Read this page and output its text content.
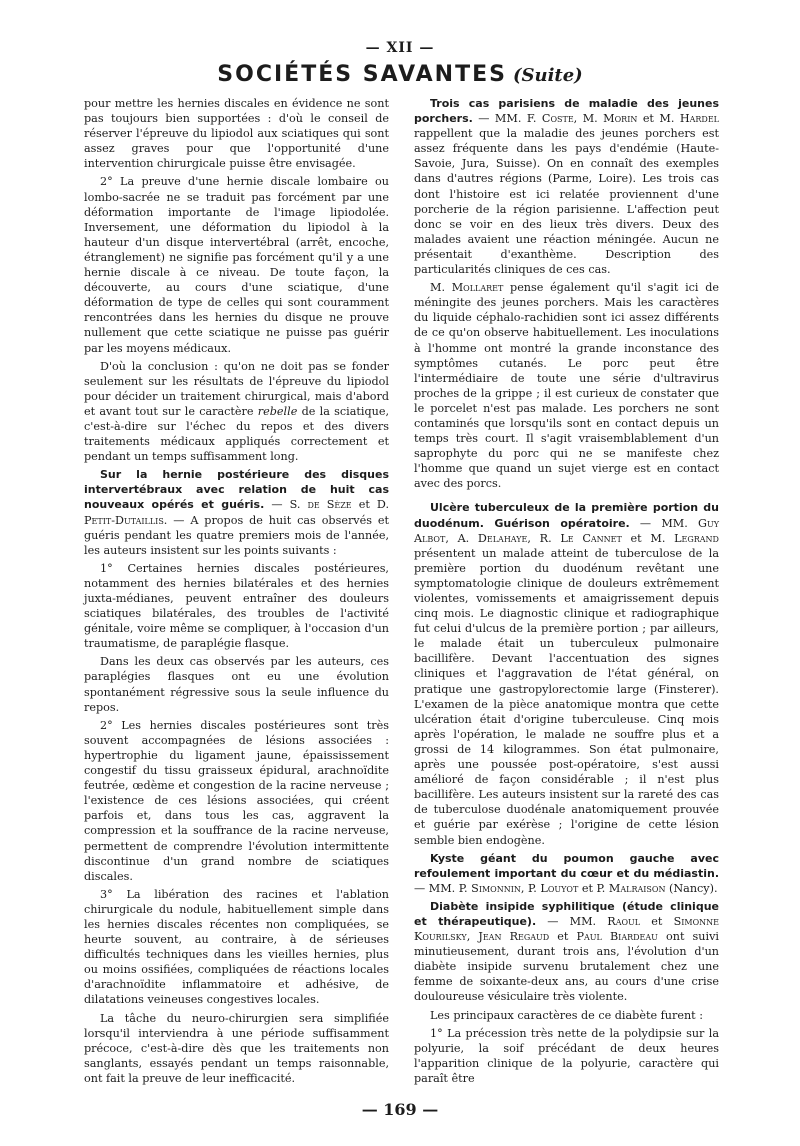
— XII —
SOCIÉTÉS SAVANTES (Suite)

pour mettre les hernies discales en évidence ne sont pas toujours bien supportées : d'où le conseil de réserver l'épreuve du lipiodol aux sciatiques qui sont assez graves pour que l'opportunité d'une intervention chirurgicale puisse être envisagée.

2° La preuve d'une hernie discale lombaire ou lombo-sacrée ne se traduit pas forcément par une déformation importante de l'image lipiodolée. Inversement, une déformation du lipiodol à la hauteur d'un disque intervertébral (arrêt, encoche, étranglement) ne signifie pas forcément qu'il y a une hernie discale à ce niveau. De toute façon, la découverte, au cours d'une sciatique, d'une déformation de type de celles qui sont couramment rencontrées dans les hernies du disque ne prouve nullement que cette sciatique ne puisse pas guérir par les moyens médicaux.

D'où la conclusion : qu'on ne doit pas se fonder seulement sur les résultats de l'épreuve du lipiodol pour décider un traitement chirurgical, mais d'abord et avant tout sur le caractère rebelle de la sciatique, c'est-à-dire sur l'échec du repos et des divers traitements médicaux appliqués correctement et pendant un temps suffisamment long.

Sur la hernie postérieure des disques intervertébraux avec relation de huit cas nouveaux opérés et guéris. — S. de Sèze et D. Petit-Dutaillis. — A propos de huit cas observés et guéris pendant les quatre premiers mois de l'année, les auteurs insistent sur les points suivants :

1° Certaines hernies discales postérieures, notamment des hernies bilatérales et des hernies juxta-médianes, peuvent entraîner des douleurs sciatiques bilatérales, des troubles de l'activité génitale, voire même se compliquer, à l'occasion d'un traumatisme, de paraplégie flasque.

Dans les deux cas observés par les auteurs, ces paraplégies flasques ont eu une évolution spontanément régressive sous la seule influence du repos.

2° Les hernies discales postérieures sont très souvent accompagnées de lésions associées : hypertrophie du ligament jaune, épaississement congestif du tissu graisseux épidural, arachnoïdite feutrée, œdème et congestion de la racine nerveuse ; l'existence de ces lésions associées, qui créent parfois et, dans tous les cas, aggravent la compression et la souffrance de la racine nerveuse, permettent de comprendre l'évolution intermittente discontinue d'un grand nombre de sciatiques discales.

3° La libération des racines et l'ablation chirurgicale du nodule, habituellement simple dans les hernies discales récentes non compliquées, se heurte souvent, au contraire, à de sérieuses difficultés techniques dans les vieilles hernies, plus ou moins ossifiées, compliquées de réactions locales d'arachnoïdite inflammatoire et adhésive, de dilatations veineuses congestives locales.

La tâche du neuro-chirurgien sera simplifiée lorsqu'il interviendra à une période suffisamment précoce, c'est-à-dire dès que les traitements non sanglants, essayés pendant un temps raisonnable, ont fait la preuve de leur inefficacité.

Trois cas parisiens de maladie des jeunes porchers. — MM. F. Coste, M. Morin et M. Hardel rappellent que la maladie des jeunes porchers est assez fréquente dans les pays d'endémie (Haute-Savoie, Jura, Suisse). On en connaît des exemples dans d'autres régions (Parme, Loire). Les trois cas dont l'histoire est ici relatée proviennent d'une porcherie de la région parisienne. L'affection peut donc se voir en des lieux très divers. Deux des malades avaient une réaction méningée. Aucun ne présentait d'exanthème. Description des particularités cliniques de ces cas.

M. Mollaret pense également qu'il s'agit ici de méningite des jeunes porchers. Mais les caractères du liquide céphalo-rachidien sont ici assez différents de ce qu'on observe habituellement. Les inoculations à l'homme ont montré la grande inconstance des symptômes cutanés. Le porc peut être l'intermédiaire de toute une série d'ultravirus proches de la grippe ; il est curieux de constater que le porcelet n'est pas malade. Les porchers ne sont contaminés que lorsqu'ils sont en contact depuis un temps très court. Il s'agit vraisemblablement d'un saprophyte du porc qui ne se manifeste chez l'homme que quand un sujet vierge est en contact avec des porcs.

Ulcère tuberculeux de la première portion du duodénum. Guérison opératoire. — MM. Guy Albot, A. Delahaye, R. Le Cannet et M. Legrand présentent un malade atteint de tuberculose de la première portion du duodénum revêtant une symptomatologie clinique de douleurs extrêmement violentes, vomissements et amaigrissement depuis cinq mois. Le diagnostic clinique et radiographique fut celui d'ulcus de la première portion ; par ailleurs, le malade était un tuberculeux pulmonaire bacillifère. Devant l'accentuation des signes cliniques et l'aggravation de l'état général, on pratique une gastropylorectomie large (Finsterer). L'examen de la pièce anatomique montra que cette ulcération était d'origine tuberculeuse. Cinq mois après l'opération, le malade ne souffre plus et a grossi de 14 kilogrammes. Son état pulmonaire, après une poussée post-opératoire, s'est aussi amélioré de façon considérable ; il n'est plus bacillifère. Les auteurs insistent sur la rareté des cas de tuberculose duodénale anatomiquement prouvée et guérie par exérèse ; l'origine de cette lésion semble bien endogène.

Kyste géant du poumon gauche avec refoulement important du cœur et du médiastin. — MM. P. Simonnin, P. Louyot et P. Malraison (Nancy).

Diabète insipide syphilitique (étude clinique et thérapeutique). — MM. Raoul et Simonne Kourilsky, Jean Regaud et Paul Biardeau ont suivi minutieusement, durant trois ans, l'évolution d'un diabète insipide survenu brutalement chez une femme de soixante-deux ans, au cours d'une crise douloureuse vésiculaire très violente.

Les principaux caractères de ce diabète furent :

1° La précession très nette de la polydipsie sur la polyurie, la soif précédant de deux heures l'apparition clinique de la polyurie, caractère qui paraît être

— 169 —
